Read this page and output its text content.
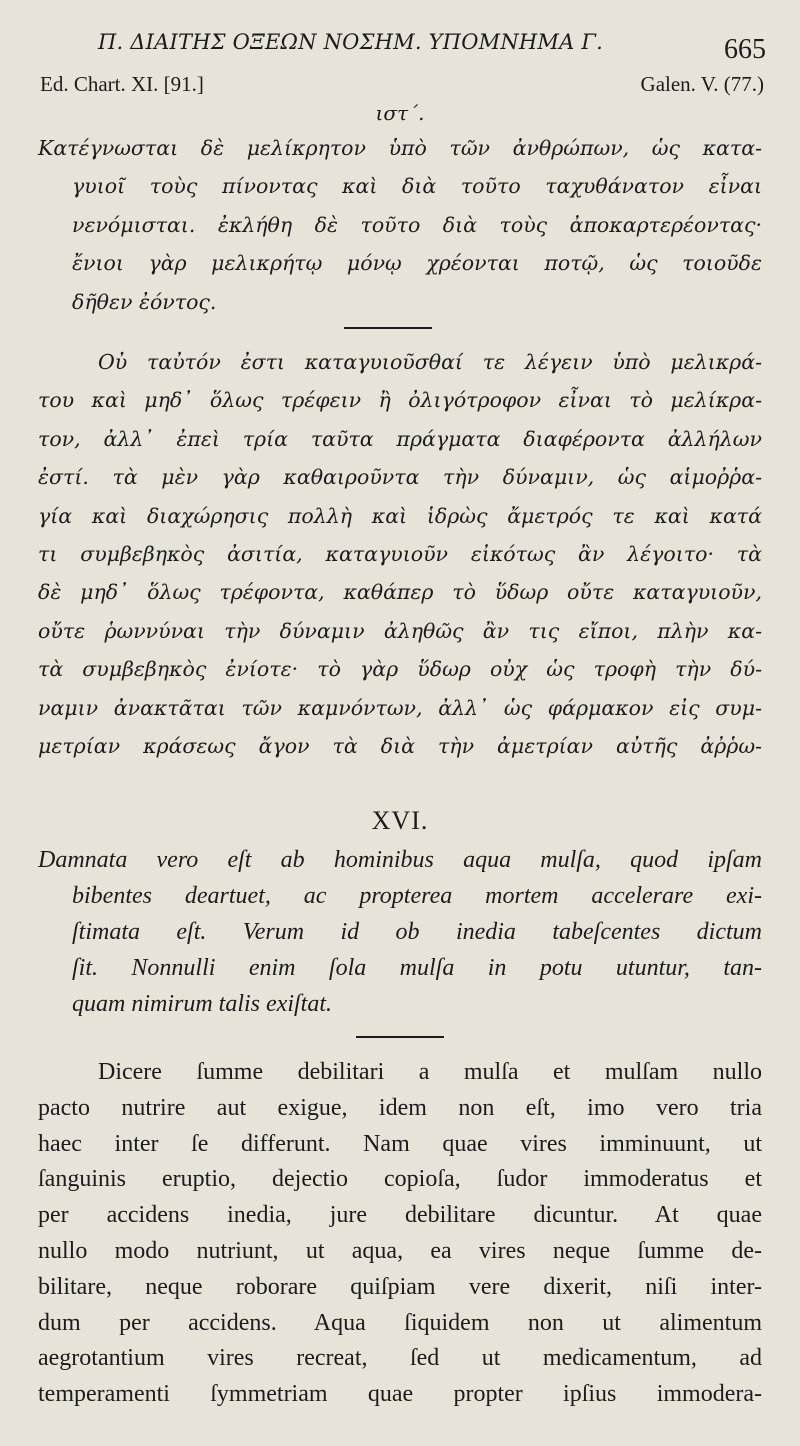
Π. ΔΙΑΙΤΗΣ ΟΞΕΩΝ ΝΟΣΗΜ. ΥΠΟΜΝΗΜΑ Γ.	665
Ed. Chart. XI. [91.]	Galen. V. (77.)
ιστ΄.
Κατέγνωσται δὲ μελίκρητον ὑπὸ τῶν ἀνθρώπων, ὡς κατα-
γυιοῖ τοὺς πίνοντας καὶ διὰ τοῦτο ταχυθάνατον εἶναι
νενόμισται. ἐκλήθη δὲ τοῦτο διὰ τοὺς ἀποκαρτερέοντας·
ἔνιοι γὰρ μελικρήτῳ μόνῳ χρέονται ποτῷ, ὡς τοιοῦδε
δῆθεν ἐόντος.
Οὐ ταὐτόν ἐστι καταγυιοῦσθαί τε λέγειν ὑπὸ μελικρά-
του καὶ μηδ᾽ ὅλως τρέφειν ἢ ὀλιγότροφον εἶναι τὸ μελίκρα-
τον, ἀλλ᾽ ἐπεὶ τρία ταῦτα πράγματα διαφέροντα ἀλλήλων
ἐστί. τὰ μὲν γὰρ καθαιροῦντα τὴν δύναμιν, ὡς αἱμοῤῥα-
γία καὶ διαχώρησις πολλὴ καὶ ἱδρὼς ἄμετρός τε καὶ κατά
τι συμβεβηκὸς ἀσιτία, καταγυιοῦν εἰκότως ἂν λέγοιτο· τὰ
δὲ μηδ᾽ ὅλως τρέφοντα, καθάπερ τὸ ὕδωρ οὔτε καταγυιοῦν,
οὔτε ῥωννύναι τὴν δύναμιν ἀληθῶς ἂν τις εἴποι, πλὴν κα-
τὰ συμβεβηκὸς ἐνίοτε· τὸ γὰρ ὕδωρ οὐχ ὡς τροφὴ τὴν δύ-
ναμιν ἀνακτᾶται τῶν καμνόντων, ἀλλ᾽ ὡς φάρμακον εἰς συμ-
μετρίαν κράσεως ἄγον τὰ διὰ τὴν ἀμετρίαν αὐτῆς ἀῤῥω-
XVI.
Damnata vero eſt ab hominibus aqua mulſa, quod ipſam
bibentes deartuet, ac propterea mortem accelerare exi-
ſtimata eſt. Verum id ob inedia tabeſcentes dictum
ſit. Nonnulli enim ſola mulſa in potu utuntur, tan-
quam nimirum talis exiſtat.
Dicere ſumme debilitari a mulſa et mulſam nullo
pacto nutrire aut exigue, idem non eſt, imo vero tria
haec inter ſe differunt. Nam quae vires imminuunt, ut
ſanguinis eruptio, dejectio copioſa, ſudor immoderatus et
per accidens inedia, jure debilitare dicuntur. At quae
nullo modo nutriunt, ut aqua, ea vires neque ſumme de-
bilitare, neque roborare quiſpiam vere dixerit, niſi inter-
dum per accidens. Aqua ſiquidem non ut alimentum
aegrotantium vires recreat, ſed ut medicamentum, ad
temperamenti ſymmetriam quae propter ipſius immodera-
